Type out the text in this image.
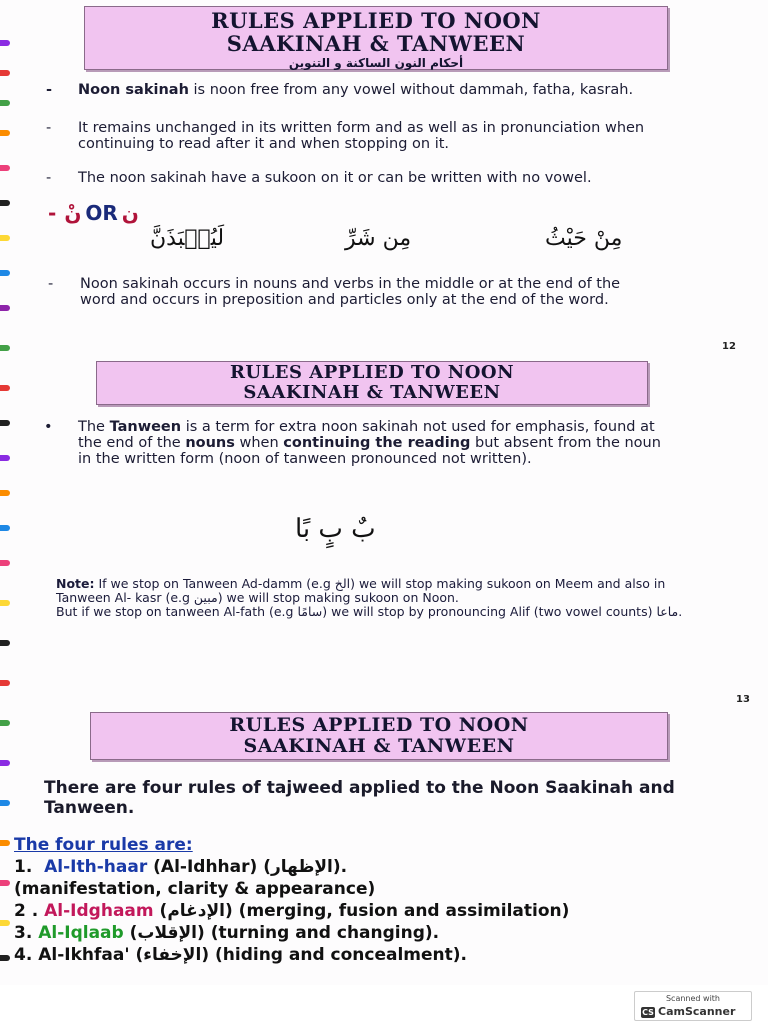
RULES APPLIED TO NOON
SAAKINAH & TANWEEN
أحكام النون الساكنة و التنوين
- Noon sakinah is noon free from any vowel without dammah, fatha, kasrah.
- It remains unchanged in its written form and as well as in pronunciation when continuing to read after it and when stopping on it.
- The noon sakinah have a sukoon on it or can be written with no vowel.
- نْ OR ن
مِنْ حَيْثُ
مِن شَرِّ
لَيُنۢبَذَنَّ
- Noon sakinah occurs in nouns and verbs in the middle or at the end of the word and occurs in preposition and particles only at the end of the word.
12
RULES APPLIED TO NOON
SAAKINAH & TANWEEN
• The Tanween is a term for extra noon sakinah not used for emphasis, found at the end of the nouns when continuing the reading but absent from the noun in the written form (noon of tanween pronounced not written).
بٌ بٍ بًا
Note: If we stop on Tanween Ad-damm (e.g الخ) we will stop making sukoon on Meem and also in Tanween Al- kasr (e.g مبين) we will stop making sukoon on Noon.
But if we stop on tanween Al-fath (e.g سامًا) we will stop by pronouncing Alif (two vowel counts) ماعا.
13
RULES APPLIED TO NOON
SAAKINAH & TANWEEN
There are four rules of tajweed applied to the Noon Saakinah and Tanween.
The four rules are:
1. Al-Ith-haar (Al-Idhhar) (الإظهار).
(manifestation, clarity & appearance)
2 . Al-Idghaam (الإدغام) (merging, fusion and assimilation)
3. Al-Iqlaab (الإقلاب) (turning and changing).
4. Al-Ikhfaa' (الإخفاء) (hiding and concealment).
Scanned with
CS CamScanner
